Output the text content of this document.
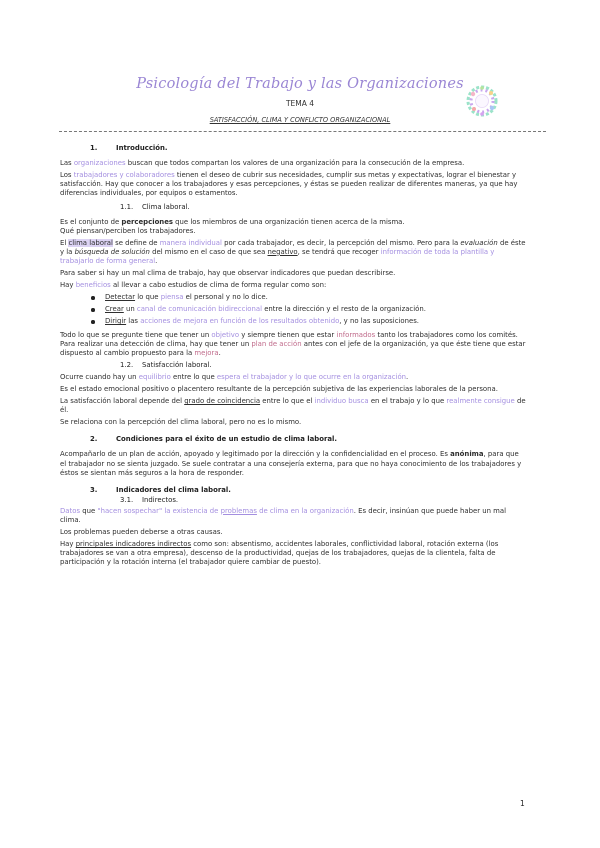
Psicología del Trabajo y las Organizaciones
TEMA 4
SATISFACCIÓN, CLIMA Y CONFLICTO ORGANIZACIONAL
1.	Introducción.

Las organizaciones buscan que todos compartan los valores de una organización para la consecución de la empresa.

Los trabajadores y colaboradores tienen el deseo de cubrir sus necesidades, cumplir sus metas y expectativas, lograr el bienestar y satisfacción. Hay que conocer a los trabajadores y esas percepciones, y éstas se pueden realizar de diferentes maneras, ya que hay diferencias individuales, por equipos o estamentos.

1.1. Clima laboral.

Es el conjunto de percepciones que los miembros de una organización tienen acerca de la misma.

Qué piensan/perciben los trabajadores.

El clima laboral se define de manera individual por cada trabajador, es decir, la percepción del mismo. Pero para la evaluación de éste y la búsqueda de solución del mismo en el caso de que sea negativo, se tendrá que recoger información de toda la plantilla y trabajarlo de forma general.

Para saber si hay un mal clima de trabajo, hay que observar indicadores que puedan describirse.

Hay beneficios al llevar a cabo estudios de clima de forma regular como son:

Detectar lo que piensa el personal y no lo dice.
Crear un canal de comunicación bidireccional entre la dirección y el resto de la organización.
Dirigir las acciones de mejora en función de los resultados obtenido, y no las suposiciones.

Todo lo que se pregunte tiene que tener un objetivo y siempre tienen que estar informados tanto los trabajadores como los comités. Para realizar una detección de clima, hay que tener un plan de acción antes con el jefe de la organización, ya que éste tiene que estar dispuesto al cambio propuesto para la mejora.

1.2. Satisfacción laboral.

Ocurre cuando hay un equilibrio entre lo que espera el trabajador y lo que ocurre en la organización.

Es el estado emocional positivo o placentero resultante de la percepción subjetiva de las experiencias laborales de la persona.

La satisfacción laboral depende del grado de coincidencia entre lo que el individuo busca en el trabajo y lo que realmente consigue de él.

Se relaciona con la percepción del clima laboral, pero no es lo mismo.

2.	Condiciones para el éxito de un estudio de clima laboral.

Acompañarlo de un plan de acción, apoyado y legitimado por la dirección y la confidencialidad en el proceso. Es anónima, para que el trabajador no se sienta juzgado. Se suele contratar a una consejería externa, para que no haya conocimiento de los trabajadores y éstos se sientan más seguros a la hora de responder.

3.	Indicadores del clima laboral.
3.1. Indirectos.

Datos que "hacen sospechar" la existencia de problemas de clima en la organización. Es decir, insinúan que puede haber un mal clima.

Los problemas pueden deberse a otras causas.

Hay principales indicadores indirectos como son: absentismo, accidentes laborales, conflictividad laboral, rotación externa (los trabajadores se van a otra empresa), descenso de la productividad, quejas de los trabajadores, quejas de la clientela, falta de participación y la rotación interna (el trabajador quiere cambiar de puesto).

1
